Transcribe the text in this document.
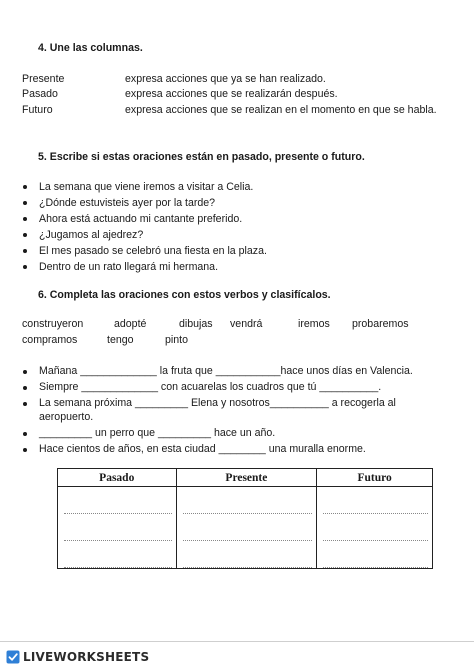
4. Une las columnas.
Presente	expresa acciones que ya se han realizado.
Pasado	expresa acciones que se realizarán después.
Futuro	expresa acciones que se realizan en el momento en que se habla.
5. Escribe si estas oraciones están en pasado, presente o futuro.
La semana que viene iremos a visitar a Celia.
¿Dónde estuvisteis ayer por la tarde?
Ahora está actuando mi cantante preferido.
¿Jugamos al ajedrez?
El mes pasado se celebró una fiesta en la plaza.
Dentro de un rato llegará mi hermana.
6. Completa las oraciones con estos verbos y clasifícalos.
construyeron	adopté	dibujas vendrá	iremos probaremos
compramos	tengo	pinto
Mañana _____________ la fruta que ___________hace unos días en Valencia.
Siempre _____________ con acuarelas los cuadros que tú __________.
La semana próxima _________ Elena y nosotros__________ a recogerla al aeropuerto.
_________ un perro que _________ hace un año.
Hace cientos de años, en esta ciudad ________ una muralla enorme.
Pasado	Presente	Futuro

LIVEWORKSHEETS
